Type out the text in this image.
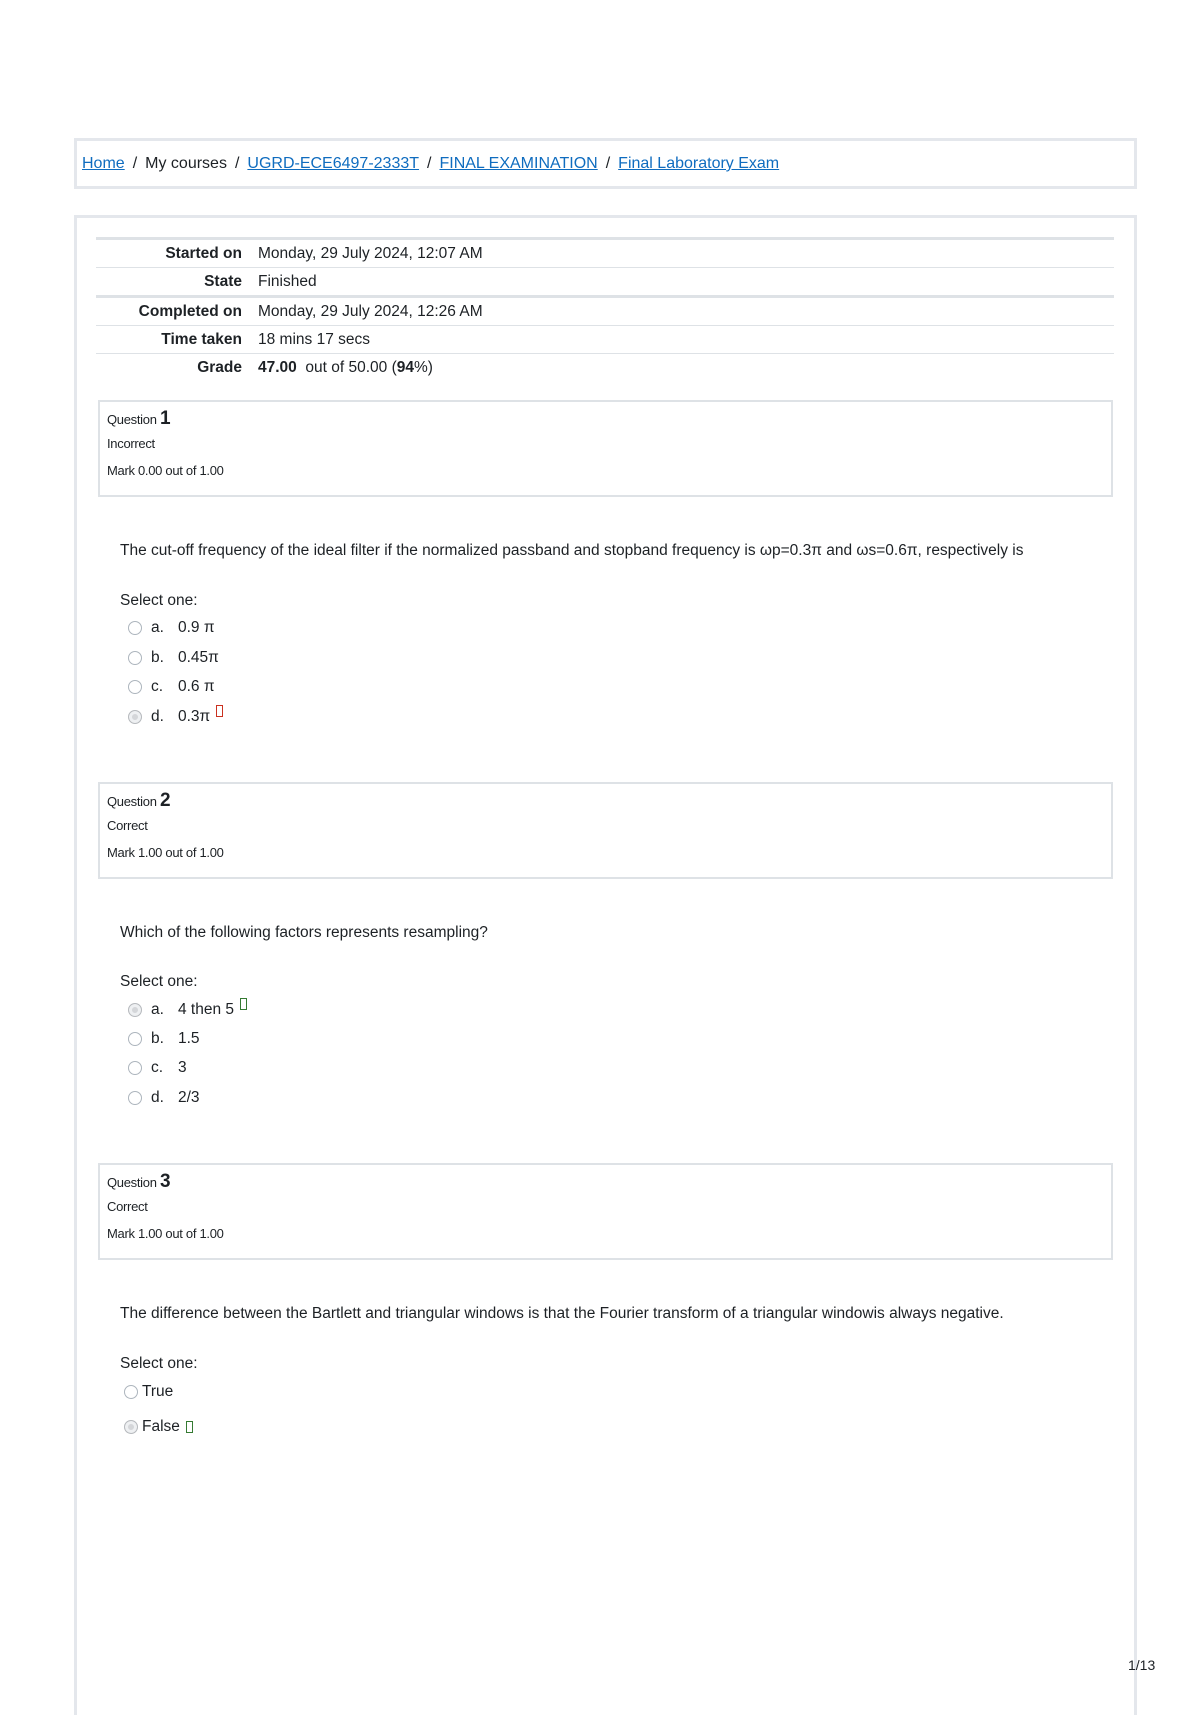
Home / My courses / UGRD-ECE6497-2333T / FINAL EXAMINATION / Final Laboratory Exam
Started on	Monday, 29 July 2024, 12:07 AM
State	Finished
Completed on	Monday, 29 July 2024, 12:26 AM
Time taken	18 mins 17 secs
Grade	47.00 out of 50.00 (94%)
Question 1
Incorrect
Mark 0.00 out of 1.00
The cut-off frequency of the ideal filter if the normalized passband and stopband frequency is ωp=0.3π and ωs=0.6π, respectively is
Select one:
a. 0.9 π
b. 0.45π
c. 0.6 π
d. 0.3π
Question 2
Correct
Mark 1.00 out of 1.00
Which of the following factors represents resampling?
Select one:
a. 4 then 5
b. 1.5
c. 3
d. 2/3
Question 3
Correct
Mark 1.00 out of 1.00
The difference between the Bartlett and triangular windows is that the Fourier transform of a triangular windowis always negative.
Select one:
True
False
1/13
